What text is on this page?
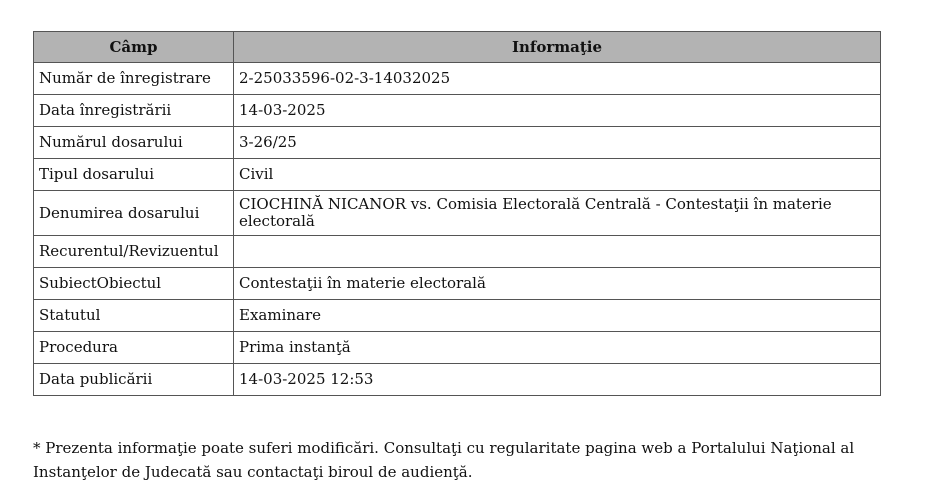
Câmp	Informaţie
Număr de înregistrare	2-25033596-02-3-14032025
Data înregistrării	14-03-2025
Numărul dosarului	3-26/25
Tipul dosarului	Civil
Denumirea dosarului	CIOCHINĂ NICANOR vs. Comisia Electorală Centrală - Contestaţii în materie electorală
Recurentul/Revizuentul	
SubiectObiectul	Contestaţii în materie electorală
Statutul	Examinare
Procedura	Prima instanţă
Data publicării	14-03-2025 12:53

* Prezenta informaţie poate suferi modificări. Consultaţi cu regularitate pagina web a Portalului Naţional al Instanţelor de Judecată sau contactaţi biroul de audienţă.
